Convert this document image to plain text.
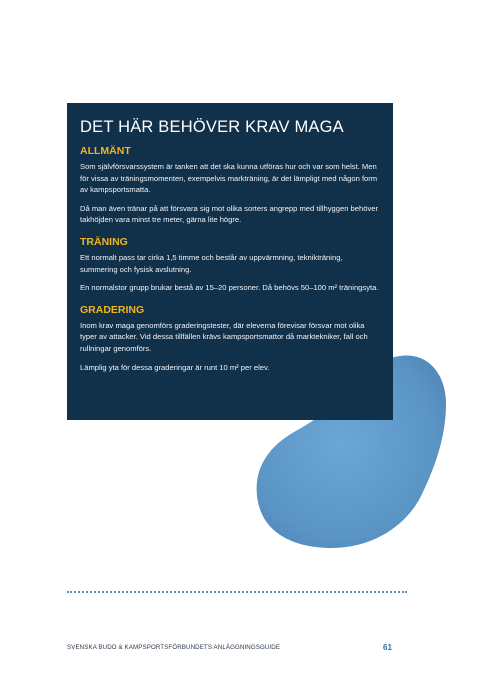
DET HÄR BEHÖVER KRAV MAGA
ALLMÄNT

Som självförsvarssystem är tanken att det ska kunna utföras hur och var som helst. Men för vissa av träningsmomenten, exempelvis markträning, är det lämpligt med någon form av kampsportsmatta.

Då man även tränar på att försvara sig mot olika sorters angrepp med tillhyggen behöver takhöjden vara minst tre meter, gärna lite högre.

TRÄNING

Ett normalt pass tar cirka 1,5 timme och består av uppvärmning, teknikträning, summering och fysisk avslutning.

En normalstor grupp brukar bestå av 15–20 personer. Då behövs 50–100 m² träningsyta.

GRADERING

Inom krav maga genomförs graderingstester, där eleverna förevisar försvar mot olika typer av attacker. Vid dessa tillfällen krävs kampsportsmattor då marktekniker, fall och rullningar genomförs.

Lämplig yta för dessa graderingar är runt 10 m² per elev.

SVENSKA BUDO & KAMPSPORTSFÖRBUNDETS ANLÄGGNINGSGUIDE	61
